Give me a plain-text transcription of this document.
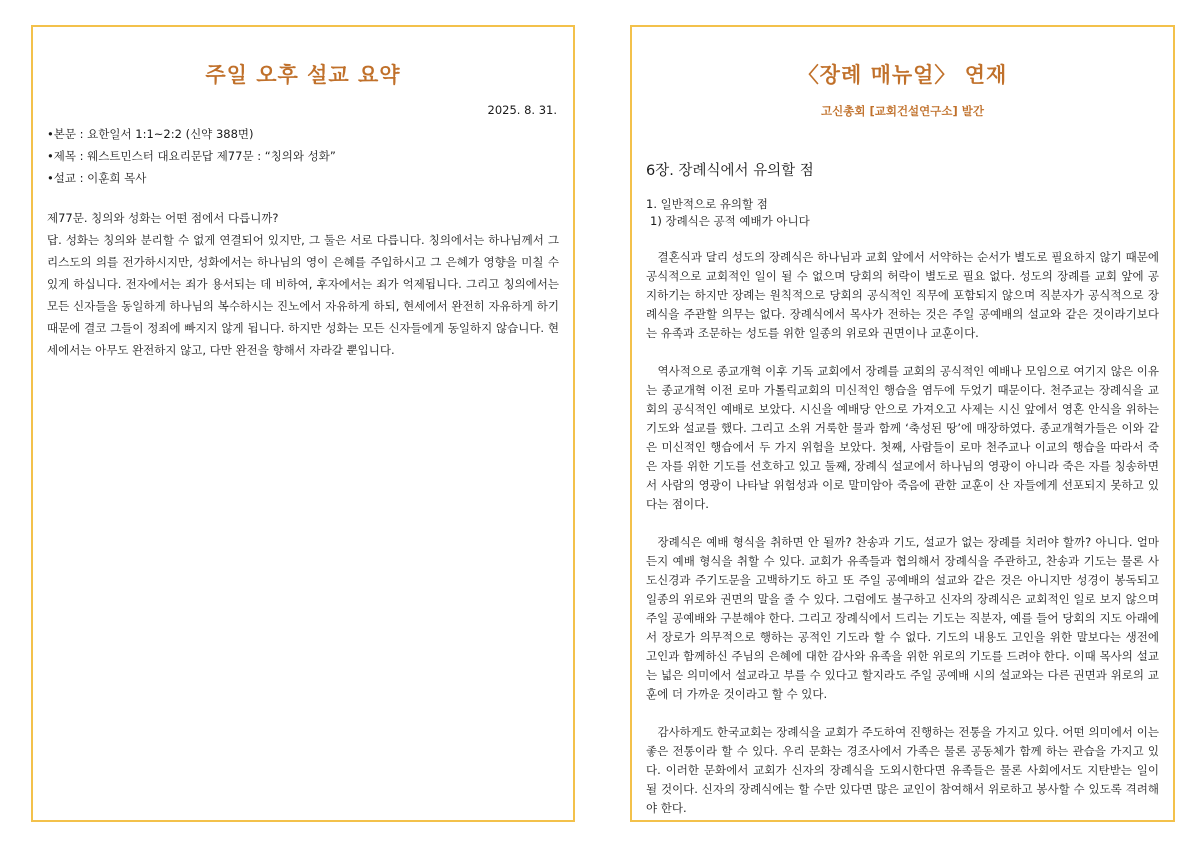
주일 오후 설교 요약
2025. 8. 31.
•본문 : 요한일서 1:1~2:2 (신약 388면)
•제목 : 웨스트민스터 대요리문답 제77문 : “칭의와 성화”
•설교 : 이훈희 목사
제77문. 칭의와 성화는 어떤 점에서 다릅니까?

답. 성화는 칭의와 분리할 수 없게 연결되어 있지만, 그 둘은 서로 다릅니다. 칭의에서는 하나님께서 그리스도의 의를 전가하시지만, 성화에서는 하나님의 영이 은혜를 주입하시고 그 은혜가 영향을 미칠 수 있게 하십니다. 전자에서는 죄가 용서되는 데 비하여, 후자에서는 죄가 억제됩니다. 그리고 칭의에서는 모든 신자들을 동일하게 하나님의 복수하시는 진노에서 자유하게 하되, 현세에서 완전히 자유하게 하기 때문에 결코 그들이 정죄에 빠지지 않게 됩니다. 하지만 성화는 모든 신자들에게 동일하지 않습니다. 현세에서는 아무도 완전하지 않고, 다만 완전을 향해서 자라갈 뿐입니다.

〈장례 매뉴얼〉 연재
고신총회 [교회건설연구소] 발간
6장. 장례식에서 유의할 점
1. 일반적으로 유의할 점
1) 장례식은 공적 예배가 아니다

결혼식과 달리 성도의 장례식은 하나님과 교회 앞에서 서약하는 순서가 별도로 필요하지 않기 때문에 공식적으로 교회적인 일이 될 수 없으며 당회의 허락이 별도로 필요 없다. 성도의 장례를 교회 앞에 공지하기는 하지만 장례는 원칙적으로 당회의 공식적인 직무에 포함되지 않으며 직분자가 공식적으로 장례식을 주관할 의무는 없다. 장례식에서 목사가 전하는 것은 주일 공예배의 설교와 같은 것이라기보다는 유족과 조문하는 성도를 위한 일종의 위로와 권면이나 교훈이다.

역사적으로 종교개혁 이후 기독 교회에서 장례를 교회의 공식적인 예배나 모임으로 여기지 않은 이유는 종교개혁 이전 로마 가톨릭교회의 미신적인 행습을 염두에 두었기 때문이다. 천주교는 장례식을 교회의 공식적인 예배로 보았다. 시신을 예배당 안으로 가져오고 사제는 시신 앞에서 영혼 안식을 위하는 기도와 설교를 했다. 그리고 소위 거룩한 물과 함께 ‘축성된 땅’에 매장하였다. 종교개혁가들은 이와 같은 미신적인 행습에서 두 가지 위험을 보았다. 첫째, 사람들이 로마 천주교나 이교의 행습을 따라서 죽은 자를 위한 기도를 선호하고 있고 둘째, 장례식 설교에서 하나님의 영광이 아니라 죽은 자를 칭송하면서 사람의 영광이 나타날 위험성과 이로 말미암아 죽음에 관한 교훈이 산 자들에게 선포되지 못하고 있다는 점이다.

장례식은 예배 형식을 취하면 안 될까? 찬송과 기도, 설교가 없는 장례를 치러야 할까? 아니다. 얼마든지 예배 형식을 취할 수 있다. 교회가 유족들과 협의해서 장례식을 주관하고, 찬송과 기도는 물론 사도신경과 주기도문을 고백하기도 하고 또 주일 공예배의 설교와 같은 것은 아니지만 성경이 봉독되고 일종의 위로와 권면의 말을 줄 수 있다. 그럼에도 불구하고 신자의 장례식은 교회적인 일로 보지 않으며 주일 공예배와 구분해야 한다. 그리고 장례식에서 드리는 기도는 직분자, 예를 들어 당회의 지도 아래에서 장로가 의무적으로 행하는 공적인 기도라 할 수 없다. 기도의 내용도 고인을 위한 말보다는 생전에 고인과 함께하신 주님의 은혜에 대한 감사와 유족을 위한 위로의 기도를 드려야 한다. 이때 목사의 설교는 넓은 의미에서 설교라고 부를 수 있다고 할지라도 주일 공예배 시의 설교와는 다른 권면과 위로의 교훈에 더 가까운 것이라고 할 수 있다.

감사하게도 한국교회는 장례식을 교회가 주도하여 진행하는 전통을 가지고 있다. 어떤 의미에서 이는 좋은 전통이라 할 수 있다. 우리 문화는 경조사에서 가족은 물론 공동체가 함께 하는 관습을 가지고 있다. 이러한 문화에서 교회가 신자의 장례식을 도외시한다면 유족들은 물론 사회에서도 지탄받는 일이 될 것이다. 신자의 장례식에는 할 수만 있다면 많은 교인이 참여해서 위로하고 봉사할 수 있도록 격려해야 한다.
